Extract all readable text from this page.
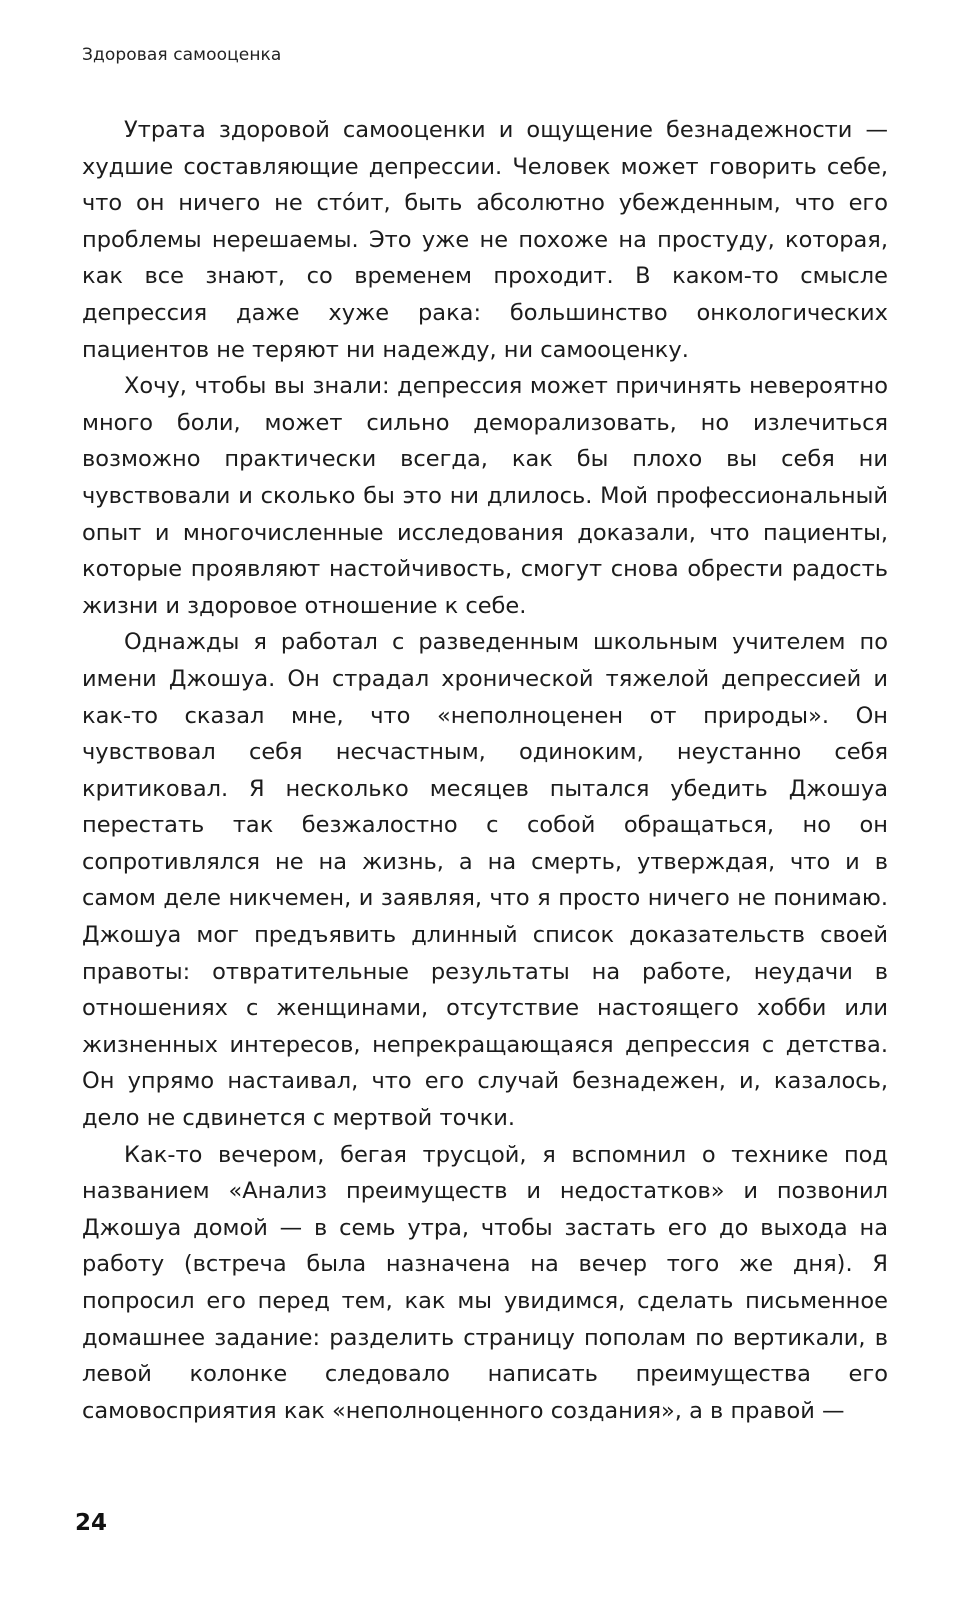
Здоровая самооценка

Утрата здоровой самооценки и ощущение безнадежности — худшие составляющие депрессии. Человек может говорить себе, что он ничего не сто́ит, быть абсолютно убежденным, что его проблемы нерешаемы. Это уже не похоже на простуду, которая, как все знают, со временем проходит. В каком-то смысле депрессия даже хуже рака: большинство онкологических пациентов не теряют ни надежду, ни самооценку.

Хочу, чтобы вы знали: депрессия может причинять невероятно много боли, может сильно деморализовать, но излечиться возможно практически всегда, как бы плохо вы себя ни чувствовали и сколько бы это ни длилось. Мой профессиональный опыт и многочисленные исследования доказали, что пациенты, которые проявляют настойчивость, смогут снова обрести радость жизни и здоровое отношение к себе.

Однажды я работал с разведенным школьным учителем по имени Джошуа. Он страдал хронической тяжелой депрессией и как-то сказал мне, что «неполноценен от природы». Он чувствовал себя несчастным, одиноким, неустанно себя критиковал. Я несколько месяцев пытался убедить Джошуа перестать так безжалостно с собой обращаться, но он сопротивлялся не на жизнь, а на смерть, утверждая, что и в самом деле никчемен, и заявляя, что я просто ничего не понимаю. Джошуа мог предъявить длинный список доказательств своей правоты: отвратительные результаты на работе, неудачи в отношениях с женщинами, отсутствие настоящего хобби или жизненных интересов, непрекращающаяся депрессия с детства. Он упрямо настаивал, что его случай безнадежен, и, казалось, дело не сдвинется с мертвой точки.

Как-то вечером, бегая трусцой, я вспомнил о технике под названием «Анализ преимуществ и недостатков» и позвонил Джошуа домой — в семь утра, чтобы застать его до выхода на работу (встреча была назначена на вечер того же дня). Я попросил его перед тем, как мы увидимся, сделать письменное домашнее задание: разделить страницу пополам по вертикали, в левой колонке следовало написать преимущества его самовосприятия как «неполноценного создания», а в правой —

24
